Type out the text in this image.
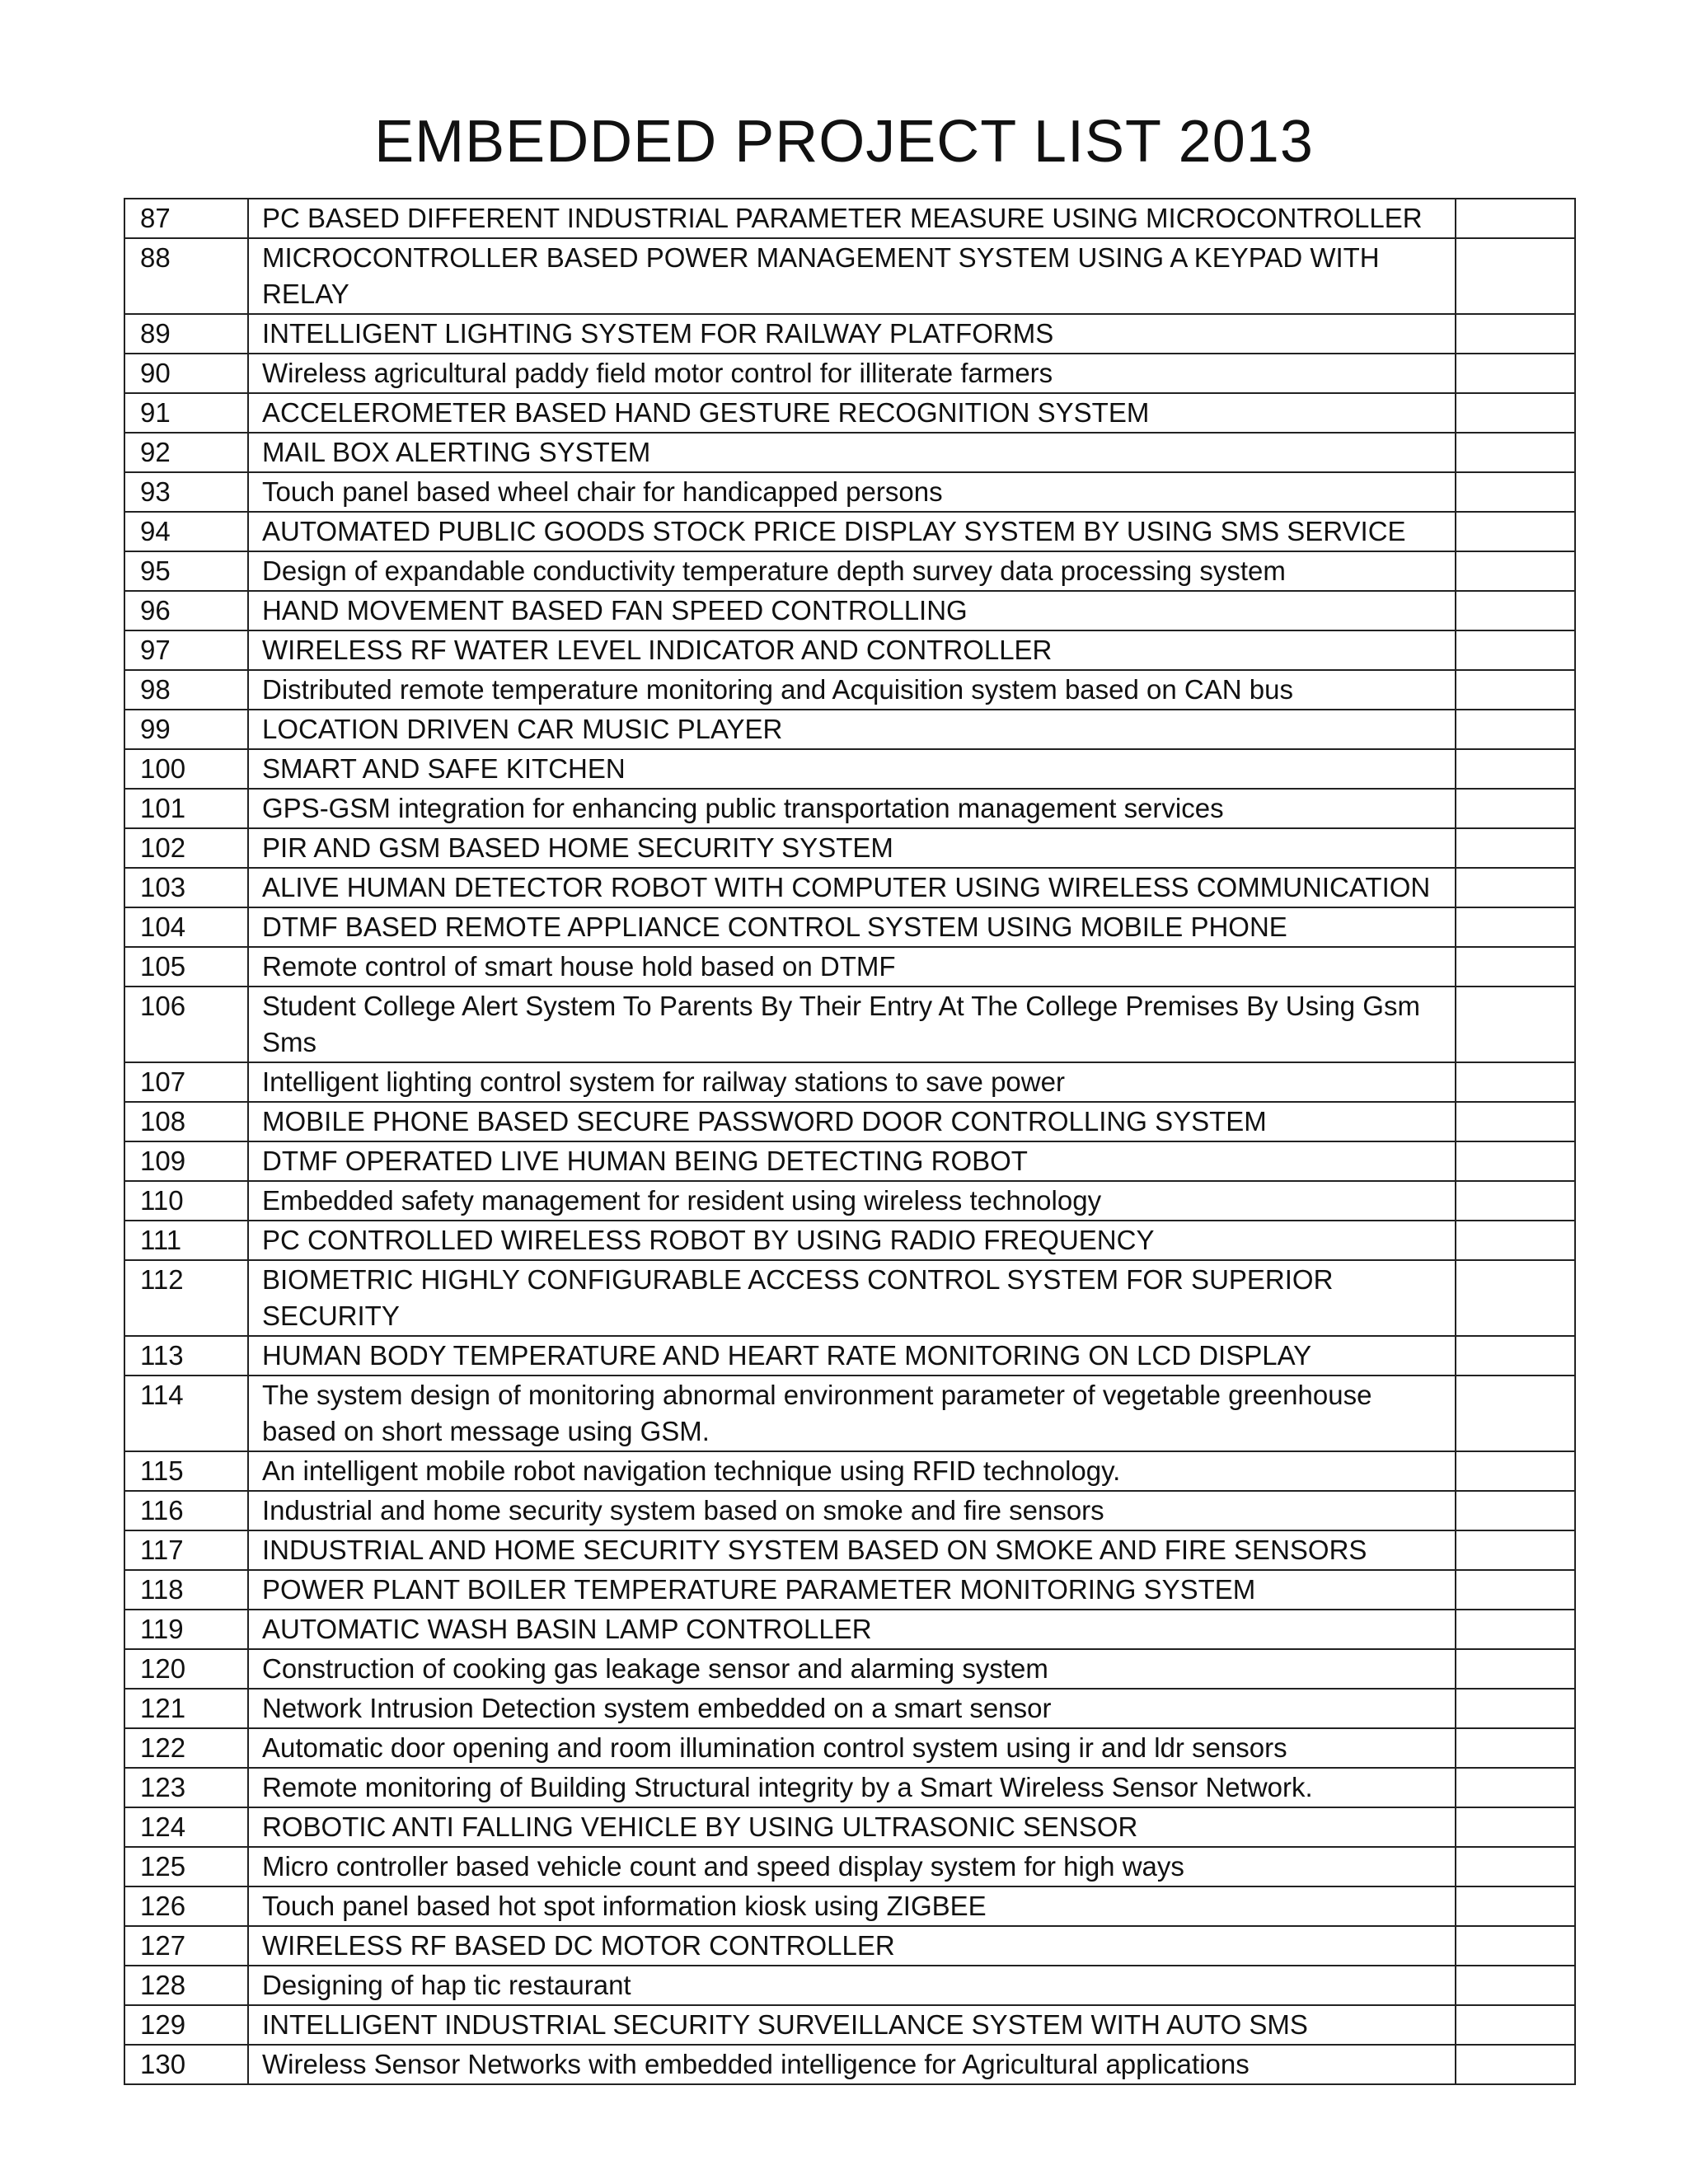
EMBEDDED PROJECT LIST 2013
87	PC BASED DIFFERENT INDUSTRIAL PARAMETER MEASURE USING MICROCONTROLLER	
88	MICROCONTROLLER BASED POWER MANAGEMENT SYSTEM USING A KEYPAD WITH RELAY	
89	INTELLIGENT LIGHTING SYSTEM FOR RAILWAY PLATFORMS	
90	Wireless agricultural paddy field motor control for illiterate farmers	
91	ACCELEROMETER BASED HAND GESTURE RECOGNITION SYSTEM	
92	MAIL BOX ALERTING SYSTEM	
93	Touch panel based wheel chair for handicapped persons	
94	AUTOMATED PUBLIC GOODS STOCK PRICE DISPLAY SYSTEM BY USING SMS SERVICE	
95	Design of expandable conductivity temperature depth survey data processing system	
96	HAND MOVEMENT BASED FAN SPEED CONTROLLING	
97	WIRELESS RF WATER LEVEL INDICATOR AND CONTROLLER	
98	Distributed remote temperature monitoring and Acquisition system based on CAN bus	
99	LOCATION DRIVEN CAR MUSIC PLAYER	
100	SMART AND SAFE KITCHEN	
101	GPS-GSM integration for enhancing public transportation management services	
102	PIR AND GSM BASED HOME SECURITY SYSTEM	
103	ALIVE HUMAN DETECTOR ROBOT WITH COMPUTER USING WIRELESS COMMUNICATION	
104	DTMF BASED REMOTE APPLIANCE CONTROL SYSTEM USING MOBILE PHONE	
105	Remote control of smart house hold based on DTMF	
106	Student College Alert System To Parents By Their Entry At The College Premises By Using Gsm Sms	
107	Intelligent lighting control system for railway stations to save power	
108	MOBILE PHONE BASED SECURE PASSWORD DOOR CONTROLLING SYSTEM	
109	DTMF OPERATED LIVE HUMAN BEING DETECTING ROBOT	
110	Embedded safety management for resident using wireless technology	
111	PC CONTROLLED WIRELESS ROBOT BY USING RADIO FREQUENCY	
112	BIOMETRIC HIGHLY CONFIGURABLE ACCESS CONTROL SYSTEM FOR SUPERIOR SECURITY	
113	HUMAN BODY TEMPERATURE AND HEART RATE MONITORING ON LCD DISPLAY	
114	The system design of monitoring abnormal environment parameter of vegetable greenhouse based on short message using GSM.	
115	An intelligent mobile robot navigation technique using RFID technology.	
116	Industrial and home security system based on smoke and fire sensors	
117	INDUSTRIAL AND HOME SECURITY SYSTEM BASED ON SMOKE AND FIRE SENSORS	
118	POWER PLANT BOILER TEMPERATURE PARAMETER MONITORING SYSTEM	
119	AUTOMATIC WASH BASIN LAMP CONTROLLER	
120	Construction of cooking gas leakage sensor and alarming system	
121	Network Intrusion Detection system embedded on a smart sensor	
122	Automatic door opening and room illumination control system using ir and ldr sensors	
123	Remote monitoring of Building Structural integrity by a Smart Wireless Sensor Network.	
124	ROBOTIC ANTI FALLING VEHICLE BY USING ULTRASONIC SENSOR	
125	Micro controller based vehicle count and speed display system for high ways	
126	Touch panel based hot spot information kiosk using ZIGBEE	
127	WIRELESS RF BASED DC MOTOR CONTROLLER	
128	Designing of hap tic restaurant	
129	INTELLIGENT INDUSTRIAL SECURITY SURVEILLANCE SYSTEM WITH AUTO SMS	
130	Wireless Sensor Networks with embedded intelligence for Agricultural applications	
